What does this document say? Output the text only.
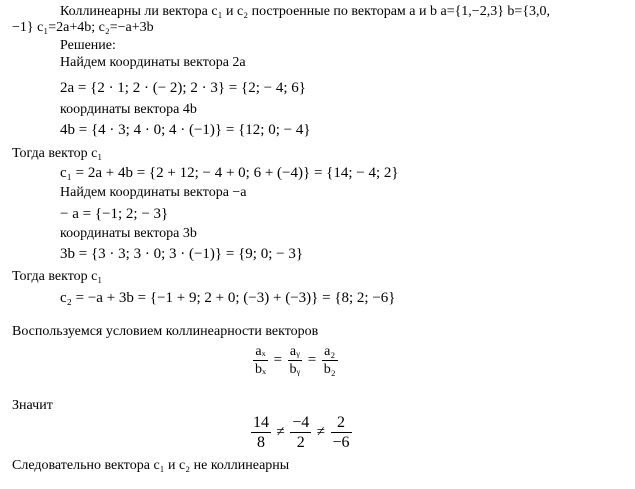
Коллинеарны ли вектора c₁ и c₂ построенные по векторам a и b a={1,−2,3} b={3,0,
−1} c₁=2a+4b; c₂=−a+3b
Решение:
Найдем координаты вектора 2a
2a = {2 · 1; 2 · (− 2); 2 · 3} = {2; − 4; 6}
координаты вектора 4b
4b = {4 · 3; 4 · 0; 4 · (−1)} = {12; 0; − 4}
Тогда вектор c₁
c₁ = 2a + 4b = {2 + 12; − 4 + 0; 6 + (−4)} = {14; − 4; 2}
Найдем координаты вектора −a
− a = {−1; 2; − 3}
координаты вектора 3b
3b = {3 · 3; 3 · 0; 3 · (−1)} = {9; 0; − 3}
Тогда вектор c₁
c₂ = −a + 3b = {−1 + 9; 2 + 0; (−3) + (−3)} = {8; 2; −6}
Воспользуемся условием коллинеарности векторов
$\frac{\text{aₓ}}{\text{bₓ}} = \frac{\text{aᵧ}}{\text{bᵧ}} = \frac{\text{a₂}}{\text{b₂}}$
Значит
$\frac{14}{8} \ne \frac{-4}{2} \ne \frac{2}{-6}$
Следовательно вектора c₁ и c₂ не коллинеарны
